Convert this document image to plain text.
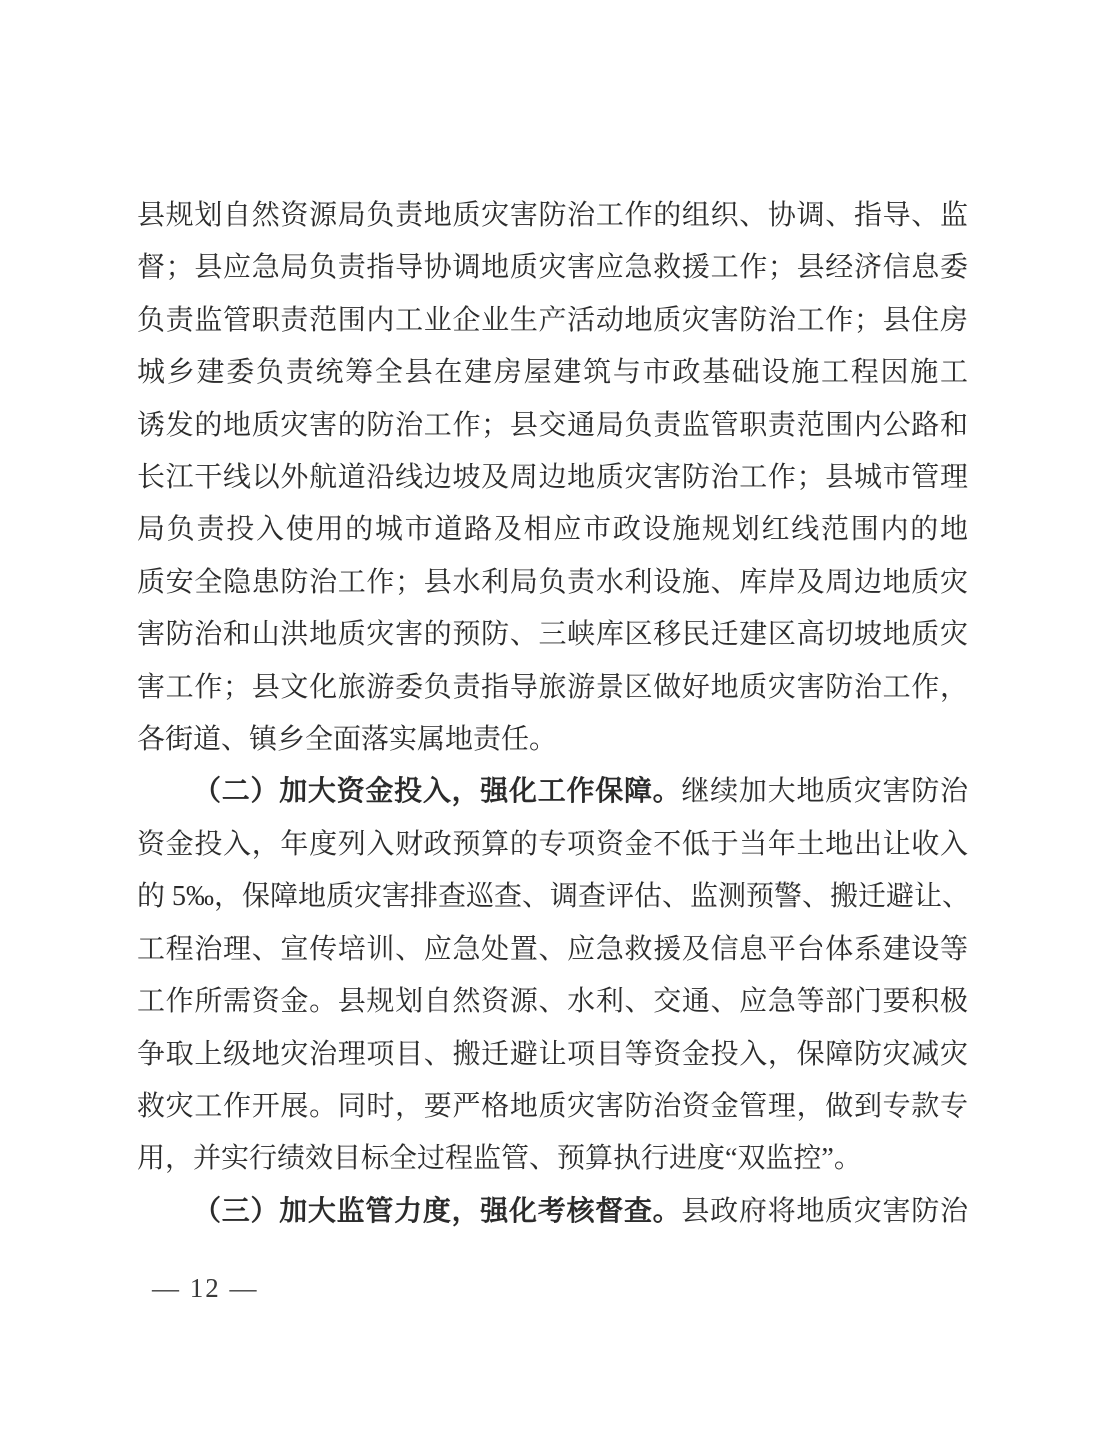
县规划自然资源局负责地质灾害防治工作的组织、协调、指导、监
督；县应急局负责指导协调地质灾害应急救援工作；县经济信息委
负责监管职责范围内工业企业生产活动地质灾害防治工作；县住房
城乡建委负责统筹全县在建房屋建筑与市政基础设施工程因施工
诱发的地质灾害的防治工作；县交通局负责监管职责范围内公路和
长江干线以外航道沿线边坡及周边地质灾害防治工作；县城市管理
局负责投入使用的城市道路及相应市政设施规划红线范围内的地
质安全隐患防治工作；县水利局负责水利设施、库岸及周边地质灾
害防治和山洪地质灾害的预防、三峡库区移民迁建区高切坡地质灾
害工作；县文化旅游委负责指导旅游景区做好地质灾害防治工作，
各街道、镇乡全面落实属地责任。
（二）加大资金投入，强化工作保障。继续加大地质灾害防治
资金投入，年度列入财政预算的专项资金不低于当年土地出让收入
的 5‰，保障地质灾害排查巡查、调查评估、监测预警、搬迁避让、
工程治理、宣传培训、应急处置、应急救援及信息平台体系建设等
工作所需资金。县规划自然资源、水利、交通、应急等部门要积极
争取上级地灾治理项目、搬迁避让项目等资金投入，保障防灾减灾
救灾工作开展。同时，要严格地质灾害防治资金管理，做到专款专
用，并实行绩效目标全过程监管、预算执行进度“双监控”。
（三）加大监管力度，强化考核督查。县政府将地质灾害防治
— 12 —
